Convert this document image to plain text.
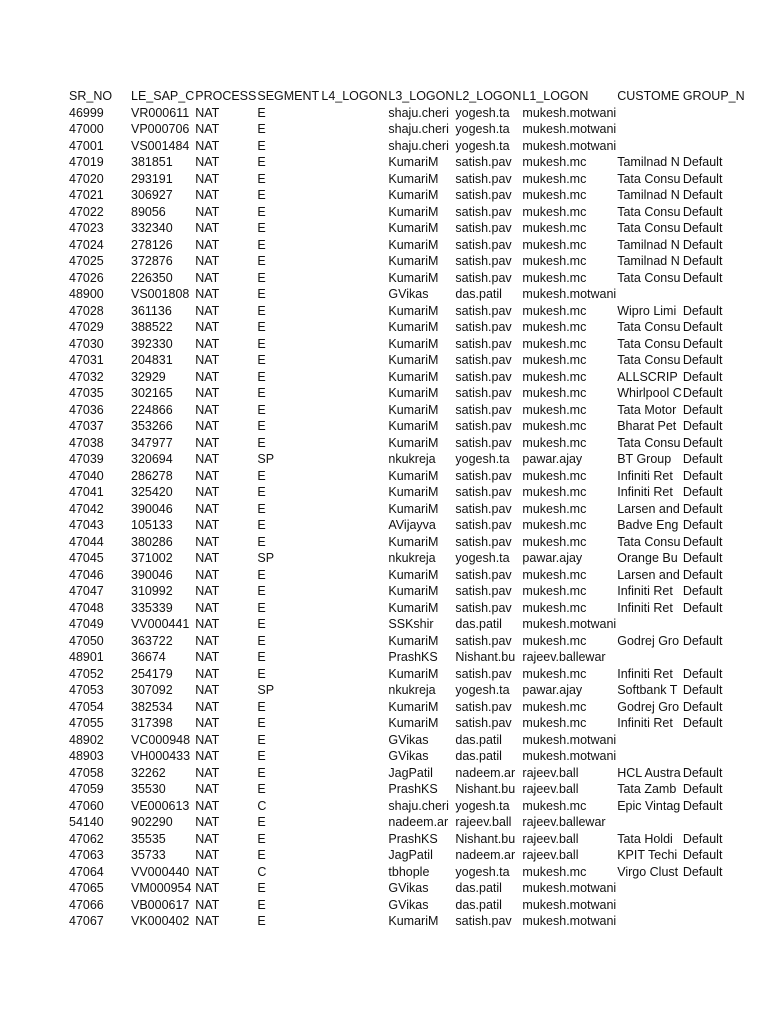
SR_NO	LE_SAP_C	PROCESS	SEGMENT	L4_LOGON	L3_LOGON	L2_LOGON	L1_LOGON	CUSTOME	GROUP_N
46999	VR000611	NAT	E		shaju.cheri	yogesh.ta	mukesh.motwani		
47000	VP000706	NAT	E		shaju.cheri	yogesh.ta	mukesh.motwani		
47001	VS001484	NAT	E		shaju.cheri	yogesh.ta	mukesh.motwani		
47019	381851	NAT	E		KumariM	satish.pav	mukesh.mc	Tamilnad N	Default
47020	293191	NAT	E		KumariM	satish.pav	mukesh.mc	Tata Consu	Default
47021	306927	NAT	E		KumariM	satish.pav	mukesh.mc	Tamilnad N	Default
47022	89056	NAT	E		KumariM	satish.pav	mukesh.mc	Tata Consu	Default
47023	332340	NAT	E		KumariM	satish.pav	mukesh.mc	Tata Consu	Default
47024	278126	NAT	E		KumariM	satish.pav	mukesh.mc	Tamilnad N	Default
47025	372876	NAT	E		KumariM	satish.pav	mukesh.mc	Tamilnad N	Default
47026	226350	NAT	E		KumariM	satish.pav	mukesh.mc	Tata Consu	Default
48900	VS001808	NAT	E		GVikas	das.patil	mukesh.motwani		
47028	361136	NAT	E		KumariM	satish.pav	mukesh.mc	Wipro Limi	Default
47029	388522	NAT	E		KumariM	satish.pav	mukesh.mc	Tata Consu	Default
47030	392330	NAT	E		KumariM	satish.pav	mukesh.mc	Tata Consu	Default
47031	204831	NAT	E		KumariM	satish.pav	mukesh.mc	Tata Consu	Default
47032	32929	NAT	E		KumariM	satish.pav	mukesh.mc	ALLSCRIP	Default
47035	302165	NAT	E		KumariM	satish.pav	mukesh.mc	Whirlpool C	Default
47036	224866	NAT	E		KumariM	satish.pav	mukesh.mc	Tata Motor	Default
47037	353266	NAT	E		KumariM	satish.pav	mukesh.mc	Bharat Pet	Default
47038	347977	NAT	E		KumariM	satish.pav	mukesh.mc	Tata Consu	Default
47039	320694	NAT	SP		nkukreja	yogesh.ta	pawar.ajay	BT Group	Default
47040	286278	NAT	E		KumariM	satish.pav	mukesh.mc	Infiniti Ret	Default
47041	325420	NAT	E		KumariM	satish.pav	mukesh.mc	Infiniti Ret	Default
47042	390046	NAT	E		KumariM	satish.pav	mukesh.mc	Larsen and	Default
47043	105133	NAT	E		AVijayva	satish.pav	mukesh.mc	Badve Eng	Default
47044	380286	NAT	E		KumariM	satish.pav	mukesh.mc	Tata Consu	Default
47045	371002	NAT	SP		nkukreja	yogesh.ta	pawar.ajay	Orange Bu	Default
47046	390046	NAT	E		KumariM	satish.pav	mukesh.mc	Larsen and	Default
47047	310992	NAT	E		KumariM	satish.pav	mukesh.mc	Infiniti Ret	Default
47048	335339	NAT	E		KumariM	satish.pav	mukesh.mc	Infiniti Ret	Default
47049	VV000441	NAT	E		SSKshir	das.patil	mukesh.motwani		
47050	363722	NAT	E		KumariM	satish.pav	mukesh.mc	Godrej Gro	Default
48901	36674	NAT	E		PrashKS	Nishant.bu	rajeev.ballewar		
47052	254179	NAT	E		KumariM	satish.pav	mukesh.mc	Infiniti Ret	Default
47053	307092	NAT	SP		nkukreja	yogesh.ta	pawar.ajay	Softbank T	Default
47054	382534	NAT	E		KumariM	satish.pav	mukesh.mc	Godrej Gro	Default
47055	317398	NAT	E		KumariM	satish.pav	mukesh.mc	Infiniti Ret	Default
48902	VC000948	NAT	E		GVikas	das.patil	mukesh.motwani		
48903	VH000433	NAT	E		GVikas	das.patil	mukesh.motwani		
47058	32262	NAT	E		JagPatil	nadeem.ar	rajeev.ball	HCL Austra	Default
47059	35530	NAT	E		PrashKS	Nishant.bu	rajeev.ball	Tata Zamb	Default
47060	VE000613	NAT	C		shaju.cheri	yogesh.ta	mukesh.mc	Epic Vintag	Default
54140	902290	NAT	E		nadeem.ar	rajeev.ball	rajeev.ballewar		
47062	35535	NAT	E		PrashKS	Nishant.bu	rajeev.ball	Tata Holdi	Default
47063	35733	NAT	E		JagPatil	nadeem.ar	rajeev.ball	KPIT Techi	Default
47064	VV000440	NAT	C		tbhople	yogesh.ta	mukesh.mc	Virgo Clust	Default
47065	VM000954	NAT	E		GVikas	das.patil	mukesh.motwani		
47066	VB000617	NAT	E		GVikas	das.patil	mukesh.motwani		
47067	VK000402	NAT	E		KumariM	satish.pav	mukesh.motwani		
